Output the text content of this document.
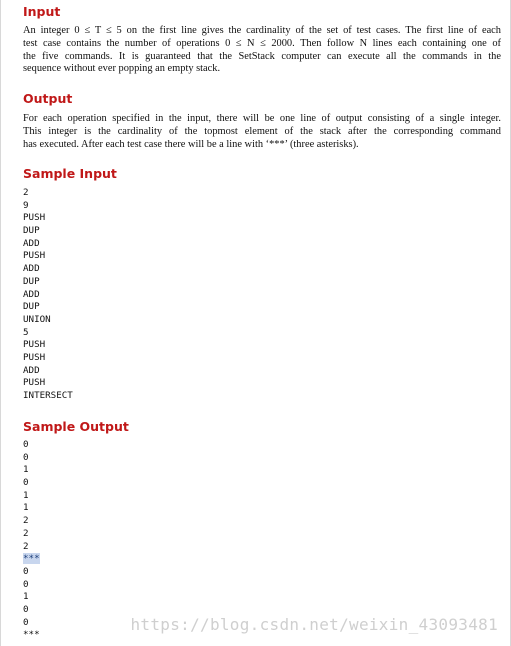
Input
An integer 0 ≤ T ≤ 5 on the first line gives the cardinality of the set of test cases. The first line of each
test case contains the number of operations 0 ≤ N ≤ 2000. Then follow N lines each containing one of
the five commands. It is guaranteed that the SetStack computer can execute all the commands in the
sequence without ever popping an empty stack.
Output
For each operation specified in the input, there will be one line of output consisting of a single integer.
This integer is the cardinality of the topmost element of the stack after the corresponding command
has executed. After each test case there will be a line with ‘***’ (three asterisks).
Sample Input
2
9
PUSH
DUP
ADD
PUSH
ADD
DUP
ADD
DUP
UNION
5
PUSH
PUSH
ADD
PUSH
INTERSECT
Sample Output
0
0
1
0
1
1
2
2
2
***
0
0
1
0
0
***
https://blog.csdn.net/weixin_43093481
